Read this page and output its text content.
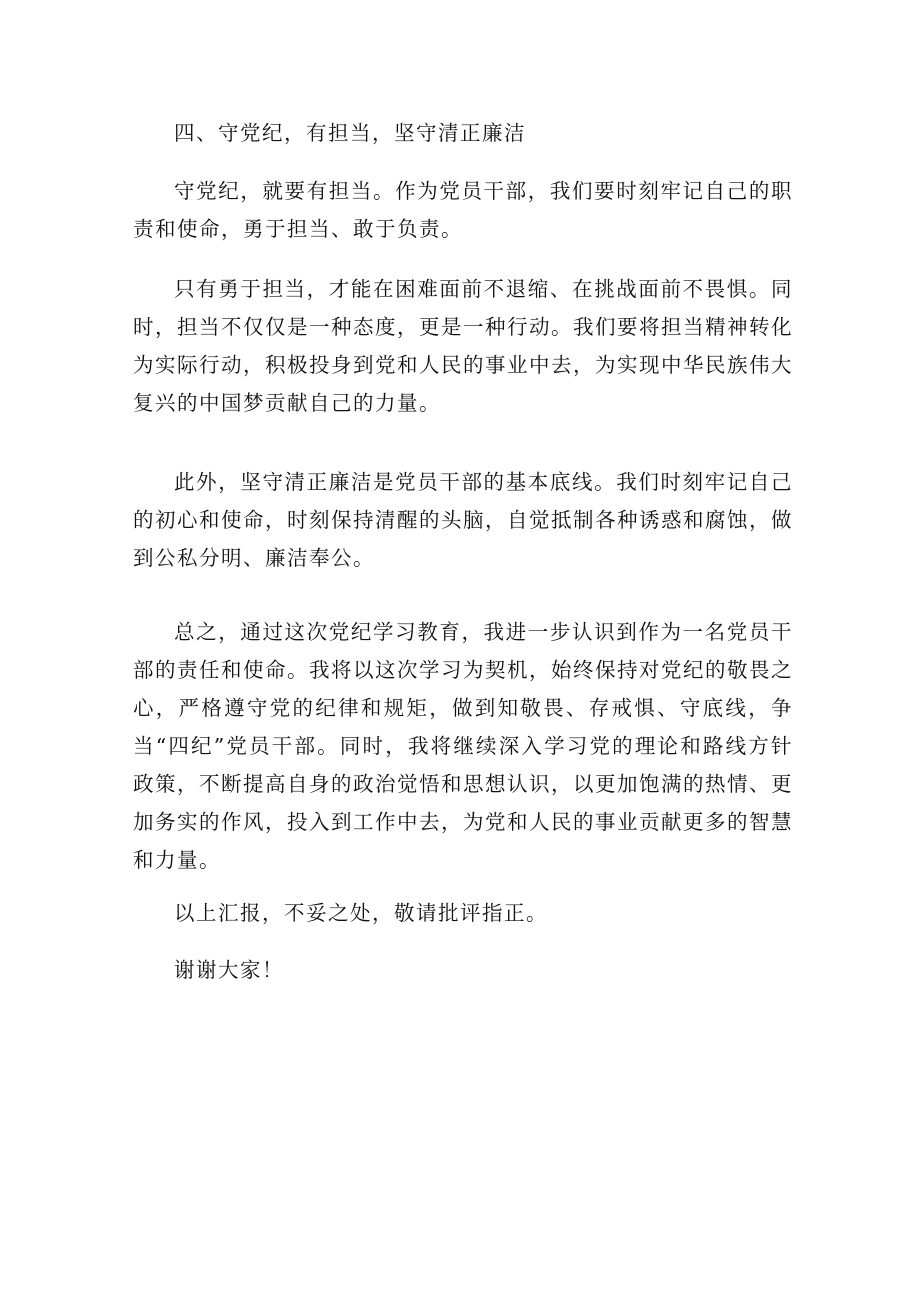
四、守党纪，有担当，坚守清正廉洁

守党纪，就要有担当。作为党员干部，我们要时刻牢记自己的职责和使命，勇于担当、敢于负责。

只有勇于担当，才能在困难面前不退缩、在挑战面前不畏惧。同时，担当不仅仅是一种态度，更是一种行动。我们要将担当精神转化为实际行动，积极投身到党和人民的事业中去，为实现中华民族伟大复兴的中国梦贡献自己的力量。

此外，坚守清正廉洁是党员干部的基本底线。我们时刻牢记自己的初心和使命，时刻保持清醒的头脑，自觉抵制各种诱惑和腐蚀，做到公私分明、廉洁奉公。

总之，通过这次党纪学习教育，我进一步认识到作为一名党员干部的责任和使命。我将以这次学习为契机，始终保持对党纪的敬畏之心，严格遵守党的纪律和规矩，做到知敬畏、存戒惧、守底线，争当“四纪”党员干部。同时，我将继续深入学习党的理论和路线方针政策，不断提高自身的政治觉悟和思想认识，以更加饱满的热情、更加务实的作风，投入到工作中去，为党和人民的事业贡献更多的智慧和力量。

以上汇报，不妥之处，敬请批评指正。

谢谢大家！
